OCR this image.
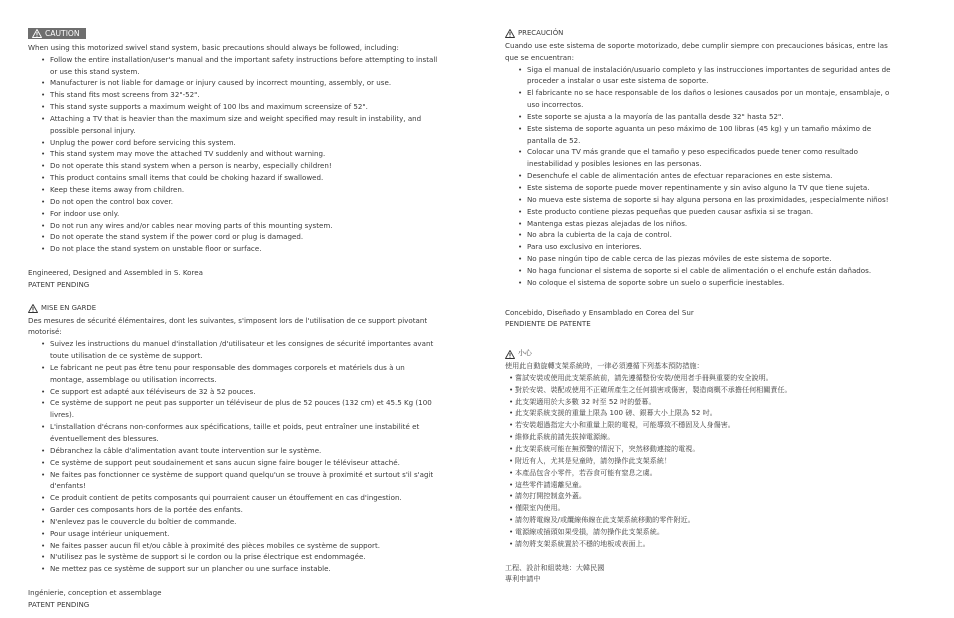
CAUTION

When using this motorized swivel stand system, basic precautions should always be followed, including:

• Follow the entire installation/user's manual and the important safety instructions before attempting to install or use this stand system.
• Manufacturer is not liable for damage or injury caused by incorrect mounting, assembly, or use.
• This stand fits most screens from 32"-52".
• This stand syste supports a maximum weight of 100 lbs and maximum screensize of 52".
• Attaching a TV that is heavier than the maximum size and weight specified may result in instability, and possible personal injury.
• Unplug the power cord before servicing this system.
• This stand system may move the attached TV suddenly and without warning.
• Do not operate this stand system when a person is nearby, especially children!
• This product contains small items that could be choking hazard if swallowed.
• Keep these items away from children.
• Do not open the control box cover.
• For indoor use only.
• Do not run any wires and/or cables near moving parts of this mounting system.
• Do not operate the stand system if the power cord or plug is damaged.
• Do not place the stand system on unstable floor or surface.

Engineered, Designed and Assembled in S. Korea

PATENT PENDING

MISE EN GARDE

Des mesures de sécurité élémentaires, dont les suivantes, s'imposent lors de l'utilisation de ce support pivotant motorisé:

• Suivez les instructions du manuel d'installation /d'utilisateur et les consignes de sécurité importantes avant toute utilisation de ce système de support.
• Le fabricant ne peut pas être tenu pour responsable des dommages corporels et matériels dus à un montage, assemblage ou utilisation incorrects.
• Ce support est adapté aux téléviseurs de 32 à 52 pouces.
• Ce système de support ne peut pas supporter un téléviseur de plus de 52 pouces (132 cm) et 45.5 Kg (100 livres).
• L'installation d'écrans non-conformes aux spécifications, taille et poids, peut entraîner une instabilité et éventuellement des blessures.
• Débranchez la câble d'alimentation avant toute intervention sur le système.
• Ce système de support peut soudainement et sans aucun signe faire bouger le téléviseur attaché.
• Ne faites pas fonctionner ce système de support quand quelqu'un se trouve à proximité et surtout s'il s'agit d'enfants!
• Ce produit contient de petits composants qui pourraient causer un étouffement en cas d'ingestion.
• Garder ces composants hors de la portée des enfants.
• N'enlevez pas le couvercle du boîtier de commande.
• Pour usage intérieur uniquement.
• Ne faites passer aucun fil et/ou câble à proximité des pièces mobiles ce système de support.
• N'utilisez pas le système de support si le cordon ou la prise électrique est endommagée.
• Ne mettez pas ce système de support sur un plancher ou une surface instable.

Ingénierie, conception et assemblage

PATENT PENDING

PRECAUCIÓN

Cuando use este sistema de soporte motorizado, debe cumplir siempre con precauciones básicas, entre las que se encuentran:

• Siga el manual de instalación/usuario completo y las instrucciones importantes de seguridad antes de proceder a instalar o usar este sistema de soporte.
• El fabricante no se hace responsable de los daños o lesiones causados por un montaje, ensamblaje, o uso incorrectos.
• Este soporte se ajusta a la mayoría de las pantalla desde 32" hasta 52".
• Este sistema de soporte aguanta un peso máximo de 100 libras (45 kg) y un tamaño máximo de pantalla de 52.
• Colocar una TV más grande que el tamaño y peso especificados puede tener como resultado inestabilidad y posibles lesiones en las personas.
• Desenchufe el cable de alimentación antes de efectuar reparaciones en este sistema.
• Este sistema de soporte puede mover repentinamente y sin aviso alguno la TV que tiene sujeta.
• No mueva este sistema de soporte si hay alguna persona en las proximidades, ¡especialmente niños!
• Este producto contiene piezas pequeñas que pueden causar asfixia si se tragan.
• Mantenga estas piezas alejadas de los niños.
• No abra la cubierta de la caja de control.
• Para uso exclusivo en interiores.
• No pase ningún tipo de cable cerca de las piezas móviles de este sistema de soporte.
• No haga funcionar el sistema de soporte si el cable de alimentación o el enchufe están dañados.
• No coloque el sistema de soporte sobre un suelo o superficie inestables.

Concebido, Diseñado y Ensamblado en Corea del Sur

PENDIENTE DE PATENTE

小心

使用此自動旋轉支架系統時，一律必須遵循下列基本預防措施：

• 嘗試安裝或使用此支架系統前，請先遵循整份安裝/使用者手冊與重要的安全說明。
• 對於安裝、裝配或使用不正確所產生之任何損害或傷害，製造商概不承擔任何相關責任。
• 此支架適用於大多數 32 吋至 52 吋的螢幕。
• 此支架系統支援的重量上限為 100 磅、銀幕大小上限為 52 吋。
• 若安裝超過指定大小和重量上限的電視，可能導致不穩固及人身傷害。
• 維修此系統前請先拔掉電源線。
• 此支架系統可能在無預警的情況下，突然移動連接的電視。
• 附近有人，尤其是兒童時，請勿操作此支架系統！
• 本產品包含小零件，若吞食可能有窒息之虞。
• 這些零件請遠離兒童。
• 請勿打開控制盒外蓋。
• 僅限室內使用。
• 請勿將電線及/或纜線佈線在此支架系統移動的零件附近。
• 電源線或插頭如果受損，請勿操作此支架系統。
• 請勿將支架系統置於不穩的地板或表面上。

工程、設計和組裝地：大韓民國

專利申請中
